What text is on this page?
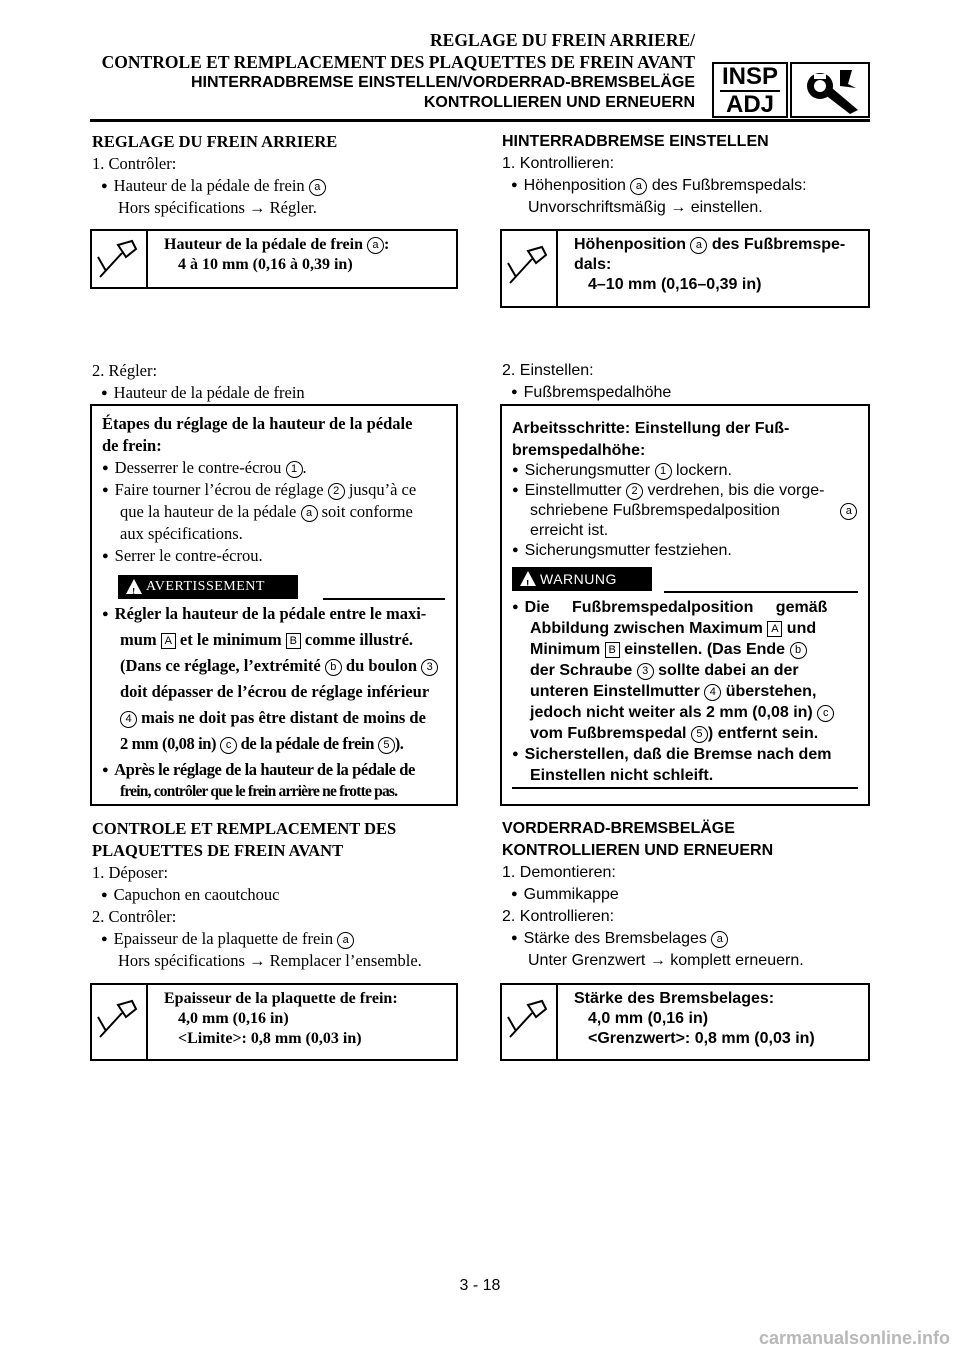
REGLAGE DU FREIN ARRIERE/
CONTROLE ET REMPLACEMENT DES PLAQUETTES DE FREIN AVANT
HINTERRADBREMSE EINSTELLEN/VORDERRAD-BREMSBELÄGE
KONTROLLIEREN UND ERNEUERN
INSP
ADJ
REGLAGE DU FREIN ARRIERE
1. Contrôler:
● Hauteur de la pédale de frein a
Hors spécifications → Régler.
Hauteur de la pédale de frein a :
4 à 10 mm (0,16 à 0,39 in)
2. Régler:
● Hauteur de la pédale de frein
Étapes du réglage de la hauteur de la pédale
de frein:
● Desserrer le contre-écrou 1 .
● Faire tourner l’écrou de réglage 2 jusqu’à ce
que la hauteur de la pédale a soit conforme
aux spécifications.
● Serrer le contre-écrou.
!
AVERTISSEMENT
● Régler la hauteur de la pédale entre le maxi-
mum A et le minimum B comme illustré.
(Dans ce réglage, l’extrémité b du boulon 3
doit dépasser de l’écrou de réglage inférieur
4 mais ne doit pas être distant de moins de
2 mm (0,08 in) c de la pédale de frein 5 ).
● Après le réglage de la hauteur de la pédale de
frein, contrôler que le frein arrière ne frotte pas.
CONTROLE ET REMPLACEMENT DES
PLAQUETTES DE FREIN AVANT
1. Déposer:
● Capuchon en caoutchouc
2. Contrôler:
● Epaisseur de la plaquette de frein a
Hors spécifications → Remplacer l’ensemble.
Epaisseur de la plaquette de frein:
4,0 mm (0,16 in)
<Limite>: 0,8 mm (0,03 in)
HINTERRADBREMSE EINSTELLEN
1. Kontrollieren:
● Höhenposition a des Fußbremspedals:
Unvorschriftsmäßig → einstellen.
Höhenposition a des Fußbremspe-
dals:
4–10 mm (0,16–0,39 in)
2. Einstellen:
● Fußbremspedalhöhe
Arbeitsschritte: Einstellung der Fuß-
bremspedalhöhe:
● Sicherungsmutter 1 lockern.
● Einstellmutter 2 verdrehen, bis die vorge-
schriebene Fußbremspedalposition	a
erreicht ist.
● Sicherungsmutter festziehen.
!
WARNUNG
● Die Fußbremspedalposition gemäß
Abbildung zwischen Maximum A und
Minimum B einstellen. (Das Ende b
der Schraube 3 sollte dabei an der
unteren Einstellmutter 4 überstehen,
jedoch nicht weiter als 2 mm (0,08 in) c
vom Fußbremspedal 5 ) entfernt sein.
● Sicherstellen, daß die Bremse nach dem
Einstellen nicht schleift.
VORDERRAD-BREMSBELÄGE
KONTROLLIEREN UND ERNEUERN
1. Demontieren:
● Gummikappe
2. Kontrollieren:
● Stärke des Bremsbelages a
Unter Grenzwert → komplett erneuern.
Stärke des Bremsbelages:
4,0 mm (0,16 in)
<Grenzwert>: 0,8 mm (0,03 in)
3 - 18
carmanualsonline.info
